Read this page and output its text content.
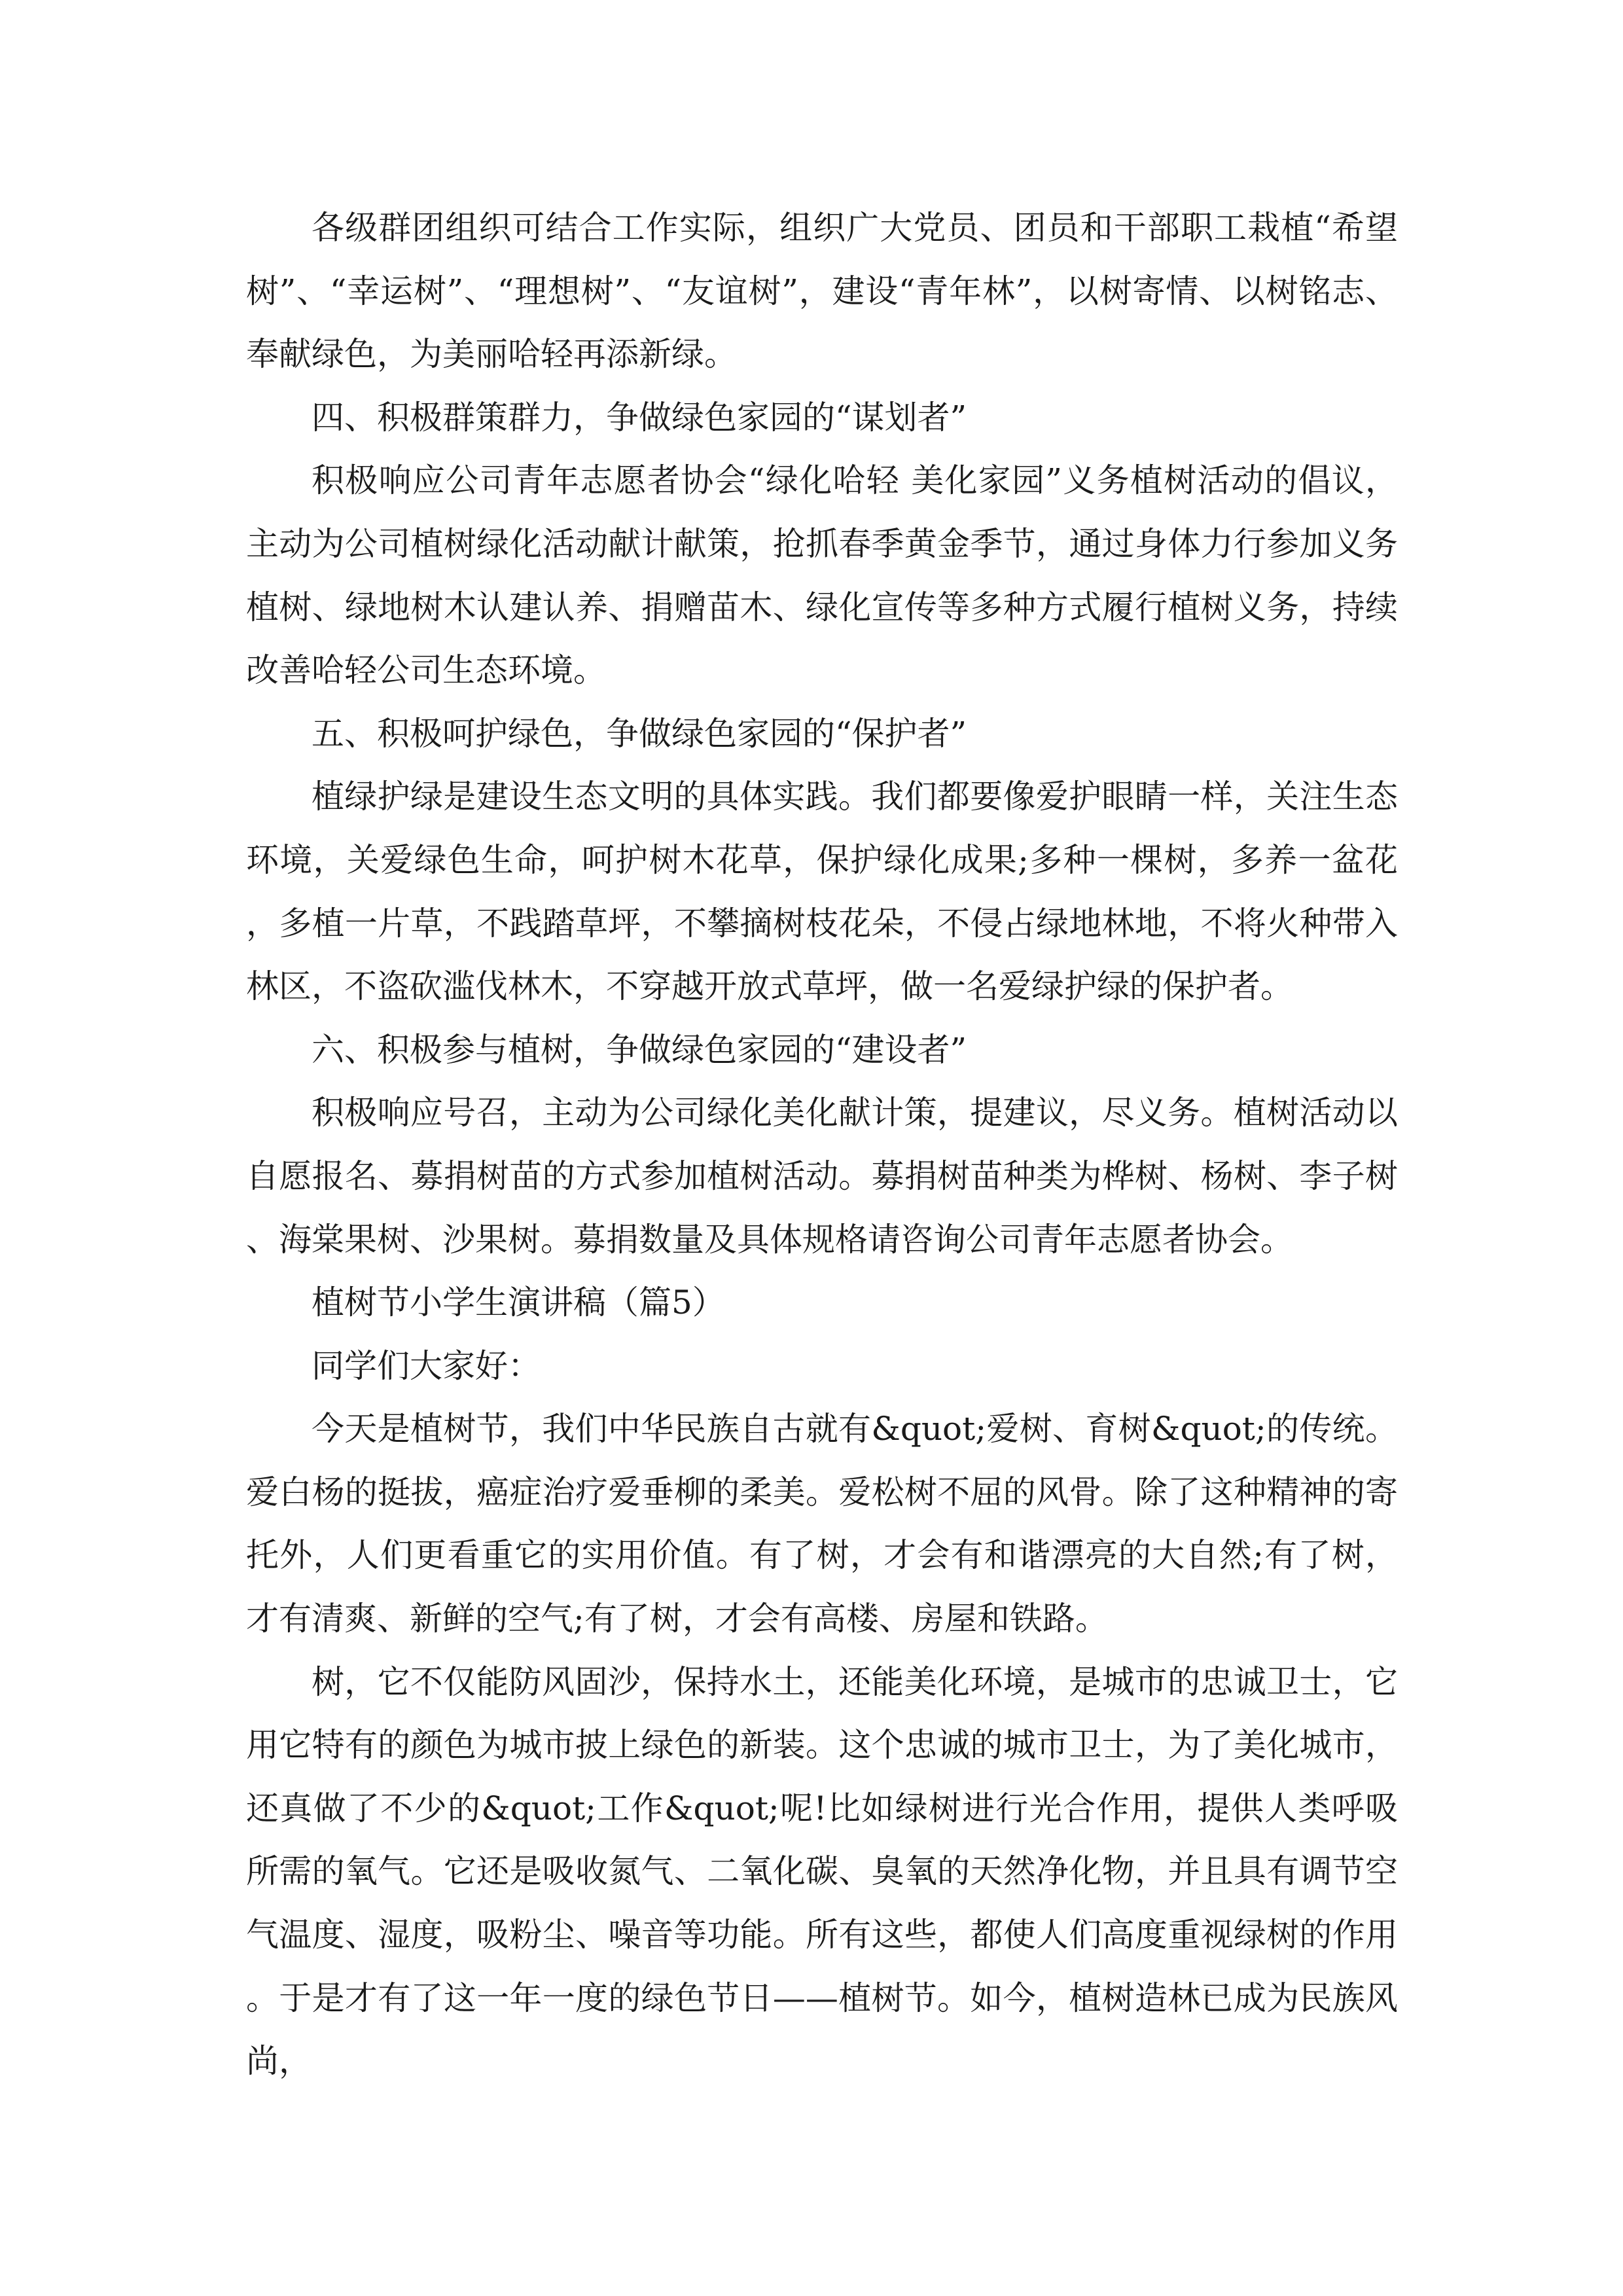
各级群团组织可结合工作实际，组织广大党员、团员和干部职工栽植“希望树”、“幸运树”、“理想树”、“友谊树”，建设“青年林”，以树寄情、以树铭志、奉献绿色，为美丽哈轻再添新绿。

四、积极群策群力，争做绿色家园的“谋划者”

积极响应公司青年志愿者协会“绿化哈轻 美化家园”义务植树活动的倡议，主动为公司植树绿化活动献计献策，抢抓春季黄金季节，通过身体力行参加义务植树、绿地树木认建认养、捐赠苗木、绿化宣传等多种方式履行植树义务，持续改善哈轻公司生态环境。

五、积极呵护绿色，争做绿色家园的“保护者”

植绿护绿是建设生态文明的具体实践。我们都要像爱护眼睛一样，关注生态环境，关爱绿色生命，呵护树木花草，保护绿化成果;多种一棵树，多养一盆花，多植一片草，不践踏草坪，不攀摘树枝花朵，不侵占绿地林地，不将火种带入林区，不盗砍滥伐林木，不穿越开放式草坪，做一名爱绿护绿的保护者。

六、积极参与植树，争做绿色家园的“建设者”

积极响应号召，主动为公司绿化美化献计策，提建议，尽义务。植树活动以自愿报名、募捐树苗的方式参加植树活动。募捐树苗种类为桦树、杨树、李子树、海棠果树、沙果树。募捐数量及具体规格请咨询公司青年志愿者协会。

植树节小学生演讲稿（篇5）

同学们大家好：

今天是植树节，我们中华民族自古就有&quot;爱树、育树&quot;的传统。爱白杨的挺拔，癌症治疗爱垂柳的柔美。爱松树不屈的风骨。除了这种精神的寄托外，人们更看重它的实用价值。有了树，才会有和谐漂亮的大自然;有了树，才有清爽、新鲜的空气;有了树，才会有高楼、房屋和铁路。

树，它不仅能防风固沙，保持水土，还能美化环境，是城市的忠诚卫士，它用它特有的颜色为城市披上绿色的新装。这个忠诚的城市卫士，为了美化城市，还真做了不少的&quot;工作&quot;呢!比如绿树进行光合作用，提供人类呼吸所需的氧气。它还是吸收氮气、二氧化碳、臭氧的天然净化物，并且具有调节空气温度、湿度，吸粉尘、噪音等功能。所有这些，都使人们高度重视绿树的作用。于是才有了这一年一度的绿色节日——植树节。如今，植树造林已成为民族风尚，
